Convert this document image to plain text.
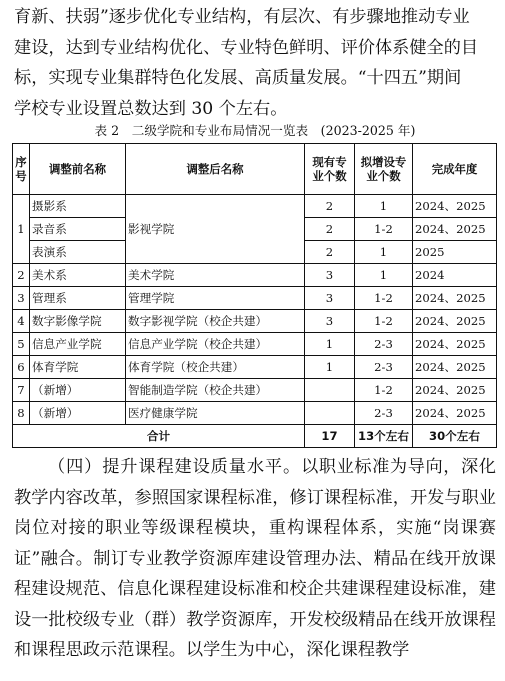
育新、扶弱”逐步优化专业结构，有层次、有步骤地推动专业
建设，达到专业结构优化、专业特色鲜明、评价体系健全的目
标，实现专业集群特色化发展、高质量发展。“十四五”期间
学校专业设置总数达到 30 个左右。
表 2　二级学院和专业布局情况一览表　(2023-2025 年)
序号	调整前名称	调整后名称	现有专业个数	拟增设专业个数	完成年度
1	摄影系	影视学院	2	1	2024、2025
	录音系		2	1-2	2024、2025
	表演系		2	1	2025
2	美术系	美术学院	3	1	2024
3	管理系	管理学院	3	1-2	2024、2025
4	数字影像学院	数字影视学院（校企共建）	3	1-2	2024、2025
5	信息产业学院	信息产业学院（校企共建）	1	2-3	2024、2025
6	体育学院	体育学院（校企共建）	1	2-3	2024、2025
7	（新增）	智能制造学院（校企共建）		1-2	2024、2025
8	（新增）	医疗健康学院		2-3	2024、2025
合计			17	13个左右	30个左右
（四）提升课程建设质量水平。以职业标准为导向，深化教学内容改革，参照国家课程标准，修订课程标准，开发与职业岗位对接的职业等级课程模块，重构课程体系，实施“岗课赛证”融合。制订专业教学资源库建设管理办法、精品在线开放课程建设规范、信息化课程建设标准和校企共建课程建设标准，建设一批校级专业（群）教学资源库，开发校级精品在线开放课程和课程思政示范课程。以学生为中心，深化课程教学
